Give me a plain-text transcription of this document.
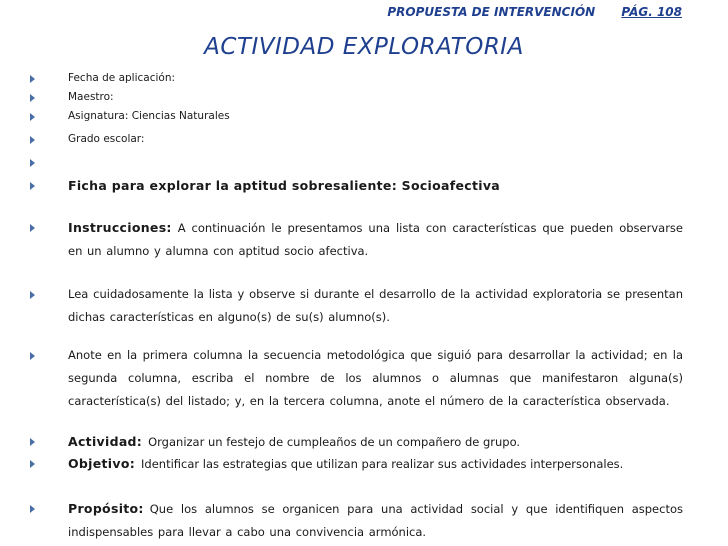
PROPUESTA DE INTERVENCIÓN PÁG. 108
ACTIVIDAD EXPLORATORIA
Fecha de aplicación:
Maestro:
Asignatura: Ciencias Naturales
Grado escolar:
Ficha para explorar la aptitud sobresaliente: Socioafectiva
Instrucciones: A continuación le presentamos una lista con características que pueden observarse en un alumno y alumna con aptitud socio afectiva.
Lea cuidadosamente la lista y observe si durante el desarrollo de la actividad exploratoria se presentan dichas características en alguno(s) de su(s) alumno(s).
Anote en la primera columna la secuencia metodológica que siguió para desarrollar la actividad; en la segunda columna, escriba el nombre de los alumnos o alumnas que manifestaron alguna(s) característica(s) del listado; y, en la tercera columna, anote el número de la característica observada.
Actividad: Organizar un festejo de cumpleaños de un compañero de grupo.
Objetivo: Identificar las estrategias que utilizan para realizar sus actividades interpersonales.
Propósito: Que los alumnos se organicen para una actividad social y que identifiquen aspectos indispensables para llevar a cabo una convivencia armónica.
